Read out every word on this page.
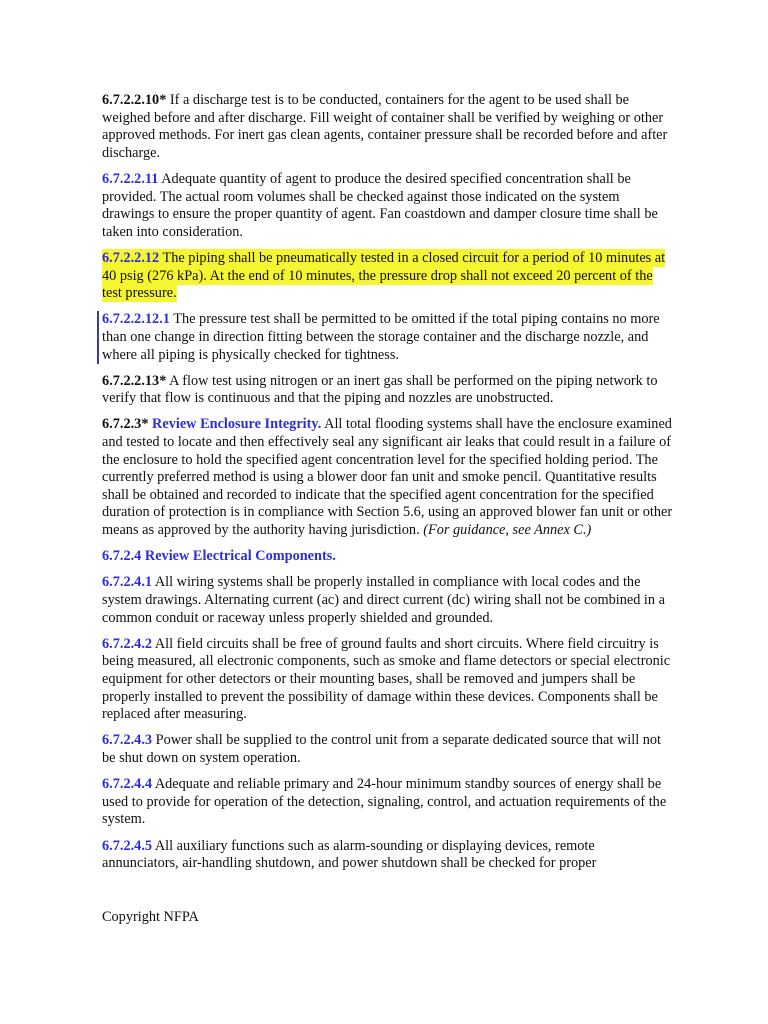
6.7.2.2.10* If a discharge test is to be conducted, containers for the agent to be used shall be weighed before and after discharge. Fill weight of container shall be verified by weighing or other approved methods. For inert gas clean agents, container pressure shall be recorded before and after discharge.

6.7.2.2.11 Adequate quantity of agent to produce the desired specified concentration shall be provided. The actual room volumes shall be checked against those indicated on the system drawings to ensure the proper quantity of agent. Fan coastdown and damper closure time shall be taken into consideration.

6.7.2.2.12 The piping shall be pneumatically tested in a closed circuit for a period of 10 minutes at 40 psig (276 kPa). At the end of 10 minutes, the pressure drop shall not exceed 20 percent of the test pressure.

6.7.2.2.12.1 The pressure test shall be permitted to be omitted if the total piping contains no more than one change in direction fitting between the storage container and the discharge nozzle, and where all piping is physically checked for tightness.

6.7.2.2.13* A flow test using nitrogen or an inert gas shall be performed on the piping network to verify that flow is continuous and that the piping and nozzles are unobstructed.

6.7.2.3* Review Enclosure Integrity. All total flooding systems shall have the enclosure examined and tested to locate and then effectively seal any significant air leaks that could result in a failure of the enclosure to hold the specified agent concentration level for the specified holding period. The currently preferred method is using a blower door fan unit and smoke pencil. Quantitative results shall be obtained and recorded to indicate that the specified agent concentration for the specified duration of protection is in compliance with Section 5.6, using an approved blower fan unit or other means as approved by the authority having jurisdiction. (For guidance, see Annex C.)

6.7.2.4 Review Electrical Components.

6.7.2.4.1 All wiring systems shall be properly installed in compliance with local codes and the system drawings. Alternating current (ac) and direct current (dc) wiring shall not be combined in a common conduit or raceway unless properly shielded and grounded.

6.7.2.4.2 All field circuits shall be free of ground faults and short circuits. Where field circuitry is being measured, all electronic components, such as smoke and flame detectors or special electronic equipment for other detectors or their mounting bases, shall be removed and jumpers shall be properly installed to prevent the possibility of damage within these devices. Components shall be replaced after measuring.

6.7.2.4.3 Power shall be supplied to the control unit from a separate dedicated source that will not be shut down on system operation.

6.7.2.4.4 Adequate and reliable primary and 24-hour minimum standby sources of energy shall be used to provide for operation of the detection, signaling, control, and actuation requirements of the system.

6.7.2.4.5 All auxiliary functions such as alarm-sounding or displaying devices, remote annunciators, air-handling shutdown, and power shutdown shall be checked for proper

Copyright NFPA
